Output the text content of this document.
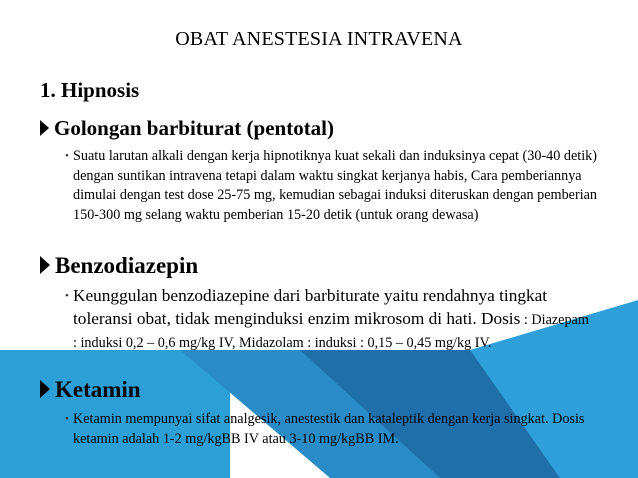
OBAT ANESTESIA INTRAVENA
1. Hipnosis
Golongan barbiturat (pentotal)
• Suatu larutan alkali dengan kerja hipnotiknya kuat sekali dan induksinya cepat (30-40 detik) dengan suntikan intravena tetapi dalam waktu singkat kerjanya habis, Cara pemberiannya dimulai dengan test dose 25-75 mg, kemudian sebagai induksi diteruskan dengan pemberian 150-300 mg selang waktu pemberian 15-20 detik (untuk orang dewasa)

Benzodiazepin
• Keunggulan benzodiazepine dari barbiturate yaitu rendahnya tingkat toleransi obat, tidak menginduksi enzim mikrosom di hati. Dosis : Diazepam : induksi 0,2 – 0,6 mg/kg IV, Midazolam : induksi : 0,15 – 0,45 mg/kg IV.

Ketamin
• Ketamin mempunyai sifat analgesik, anestestik dan kataleptik dengan kerja singkat. Dosis ketamin adalah 1-2 mg/kgBB IV atau 3-10 mg/kgBB IM.
